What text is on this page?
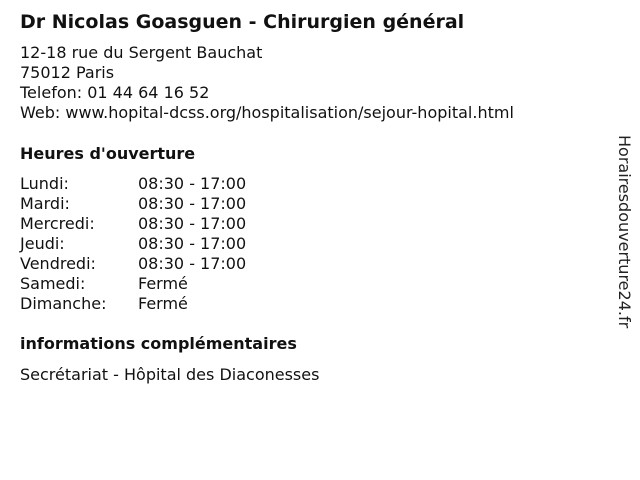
Dr Nicolas Goasguen - Chirurgien général
12-18 rue du Sergent Bauchat
75012 Paris
Telefon: 01 44 64 16 52
Web: www.hopital-dcss.org/hospitalisation/sejour-hopital.html
Heures d'ouverture
Lundi:	08:30 - 17:00
Mardi:	08:30 - 17:00
Mercredi:	08:30 - 17:00
Jeudi:	08:30 - 17:00
Vendredi:	08:30 - 17:00
Samedi:	Fermé
Dimanche:	Fermé
informations complémentaires
Secrétariat - Hôpital des Diaconesses
Horairesdouverture24.fr
